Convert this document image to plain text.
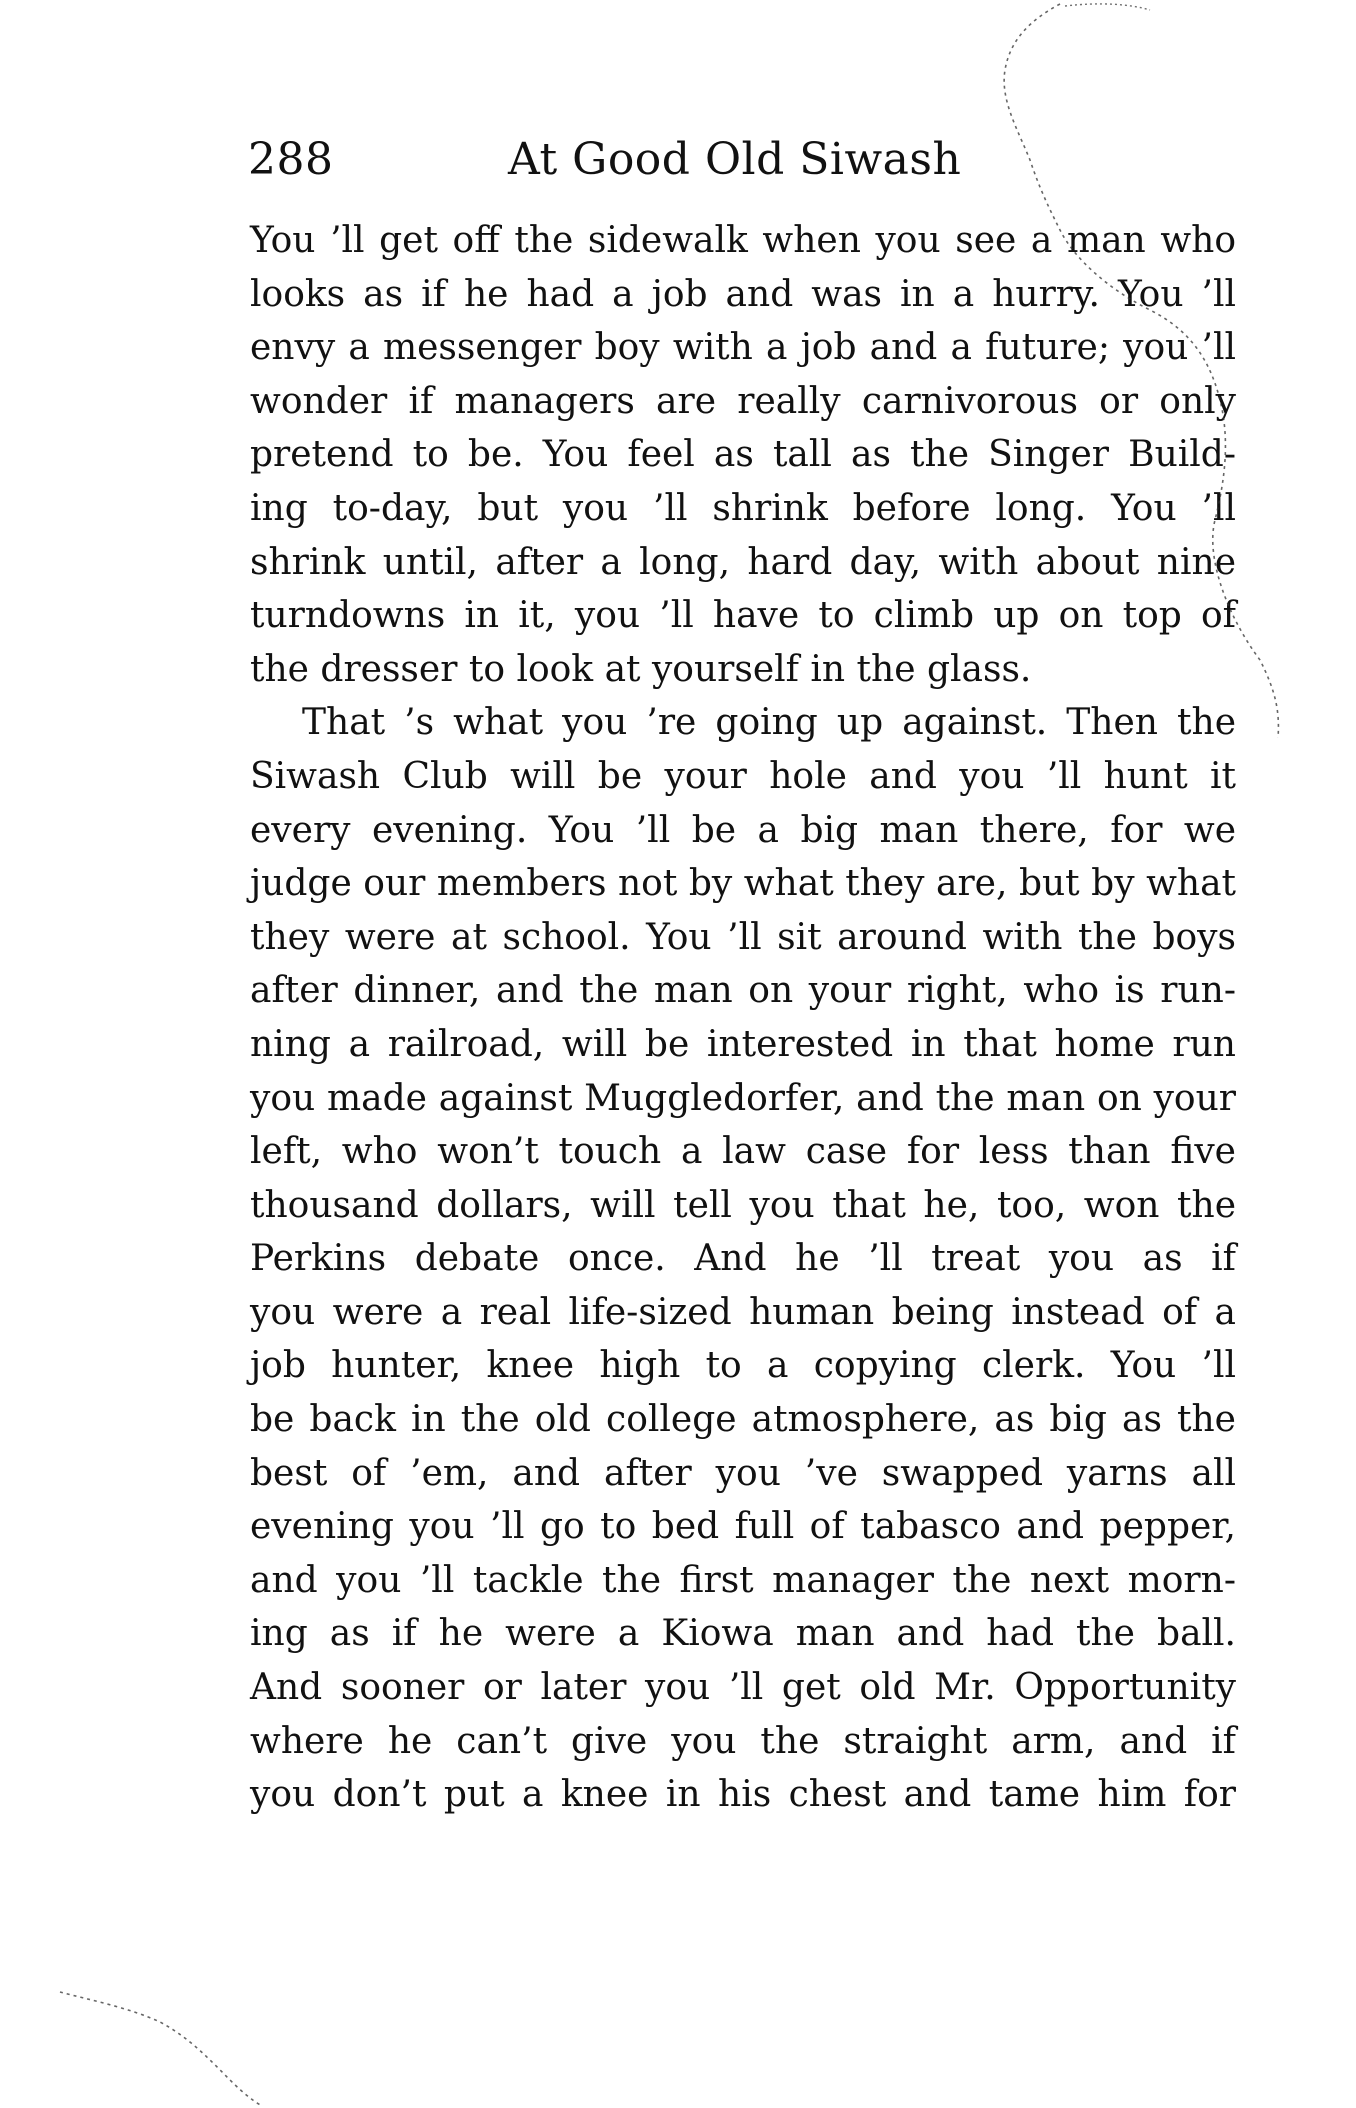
288	At Good Old Siwash
You ’ll get off the sidewalk when you see a man who
looks as if he had a job and was in a hurry. You ’ll
envy a messenger boy with a job and a future; you ’ll
wonder if managers are really carnivorous or only
pretend to be. You feel as tall as the Singer Build-
ing to-day, but you ’ll shrink before long. You ’ll
shrink until, after a long, hard day, with about nine
turndowns in it, you ’ll have to climb up on top of
the dresser to look at yourself in the glass.
That ’s what you ’re going up against. Then the
Siwash Club will be your hole and you ’ll hunt it
every evening. You ’ll be a big man there, for we
judge our members not by what they are, but by what
they were at school. You ’ll sit around with the boys
after dinner, and the man on your right, who is run-
ning a railroad, will be interested in that home run
you made against Muggledorfer, and the man on your
left, who won’t touch a law case for less than five
thousand dollars, will tell you that he, too, won the
Perkins debate once. And he ’ll treat you as if
you were a real life-sized human being instead of a
job hunter, knee high to a copying clerk. You ’ll
be back in the old college atmosphere, as big as the
best of ’em, and after you ’ve swapped yarns all
evening you ’ll go to bed full of tabasco and pepper,
and you ’ll tackle the first manager the next morn-
ing as if he were a Kiowa man and had the ball.
And sooner or later you ’ll get old Mr. Opportunity
where he can’t give you the straight arm, and if
you don’t put a knee in his chest and tame him for
